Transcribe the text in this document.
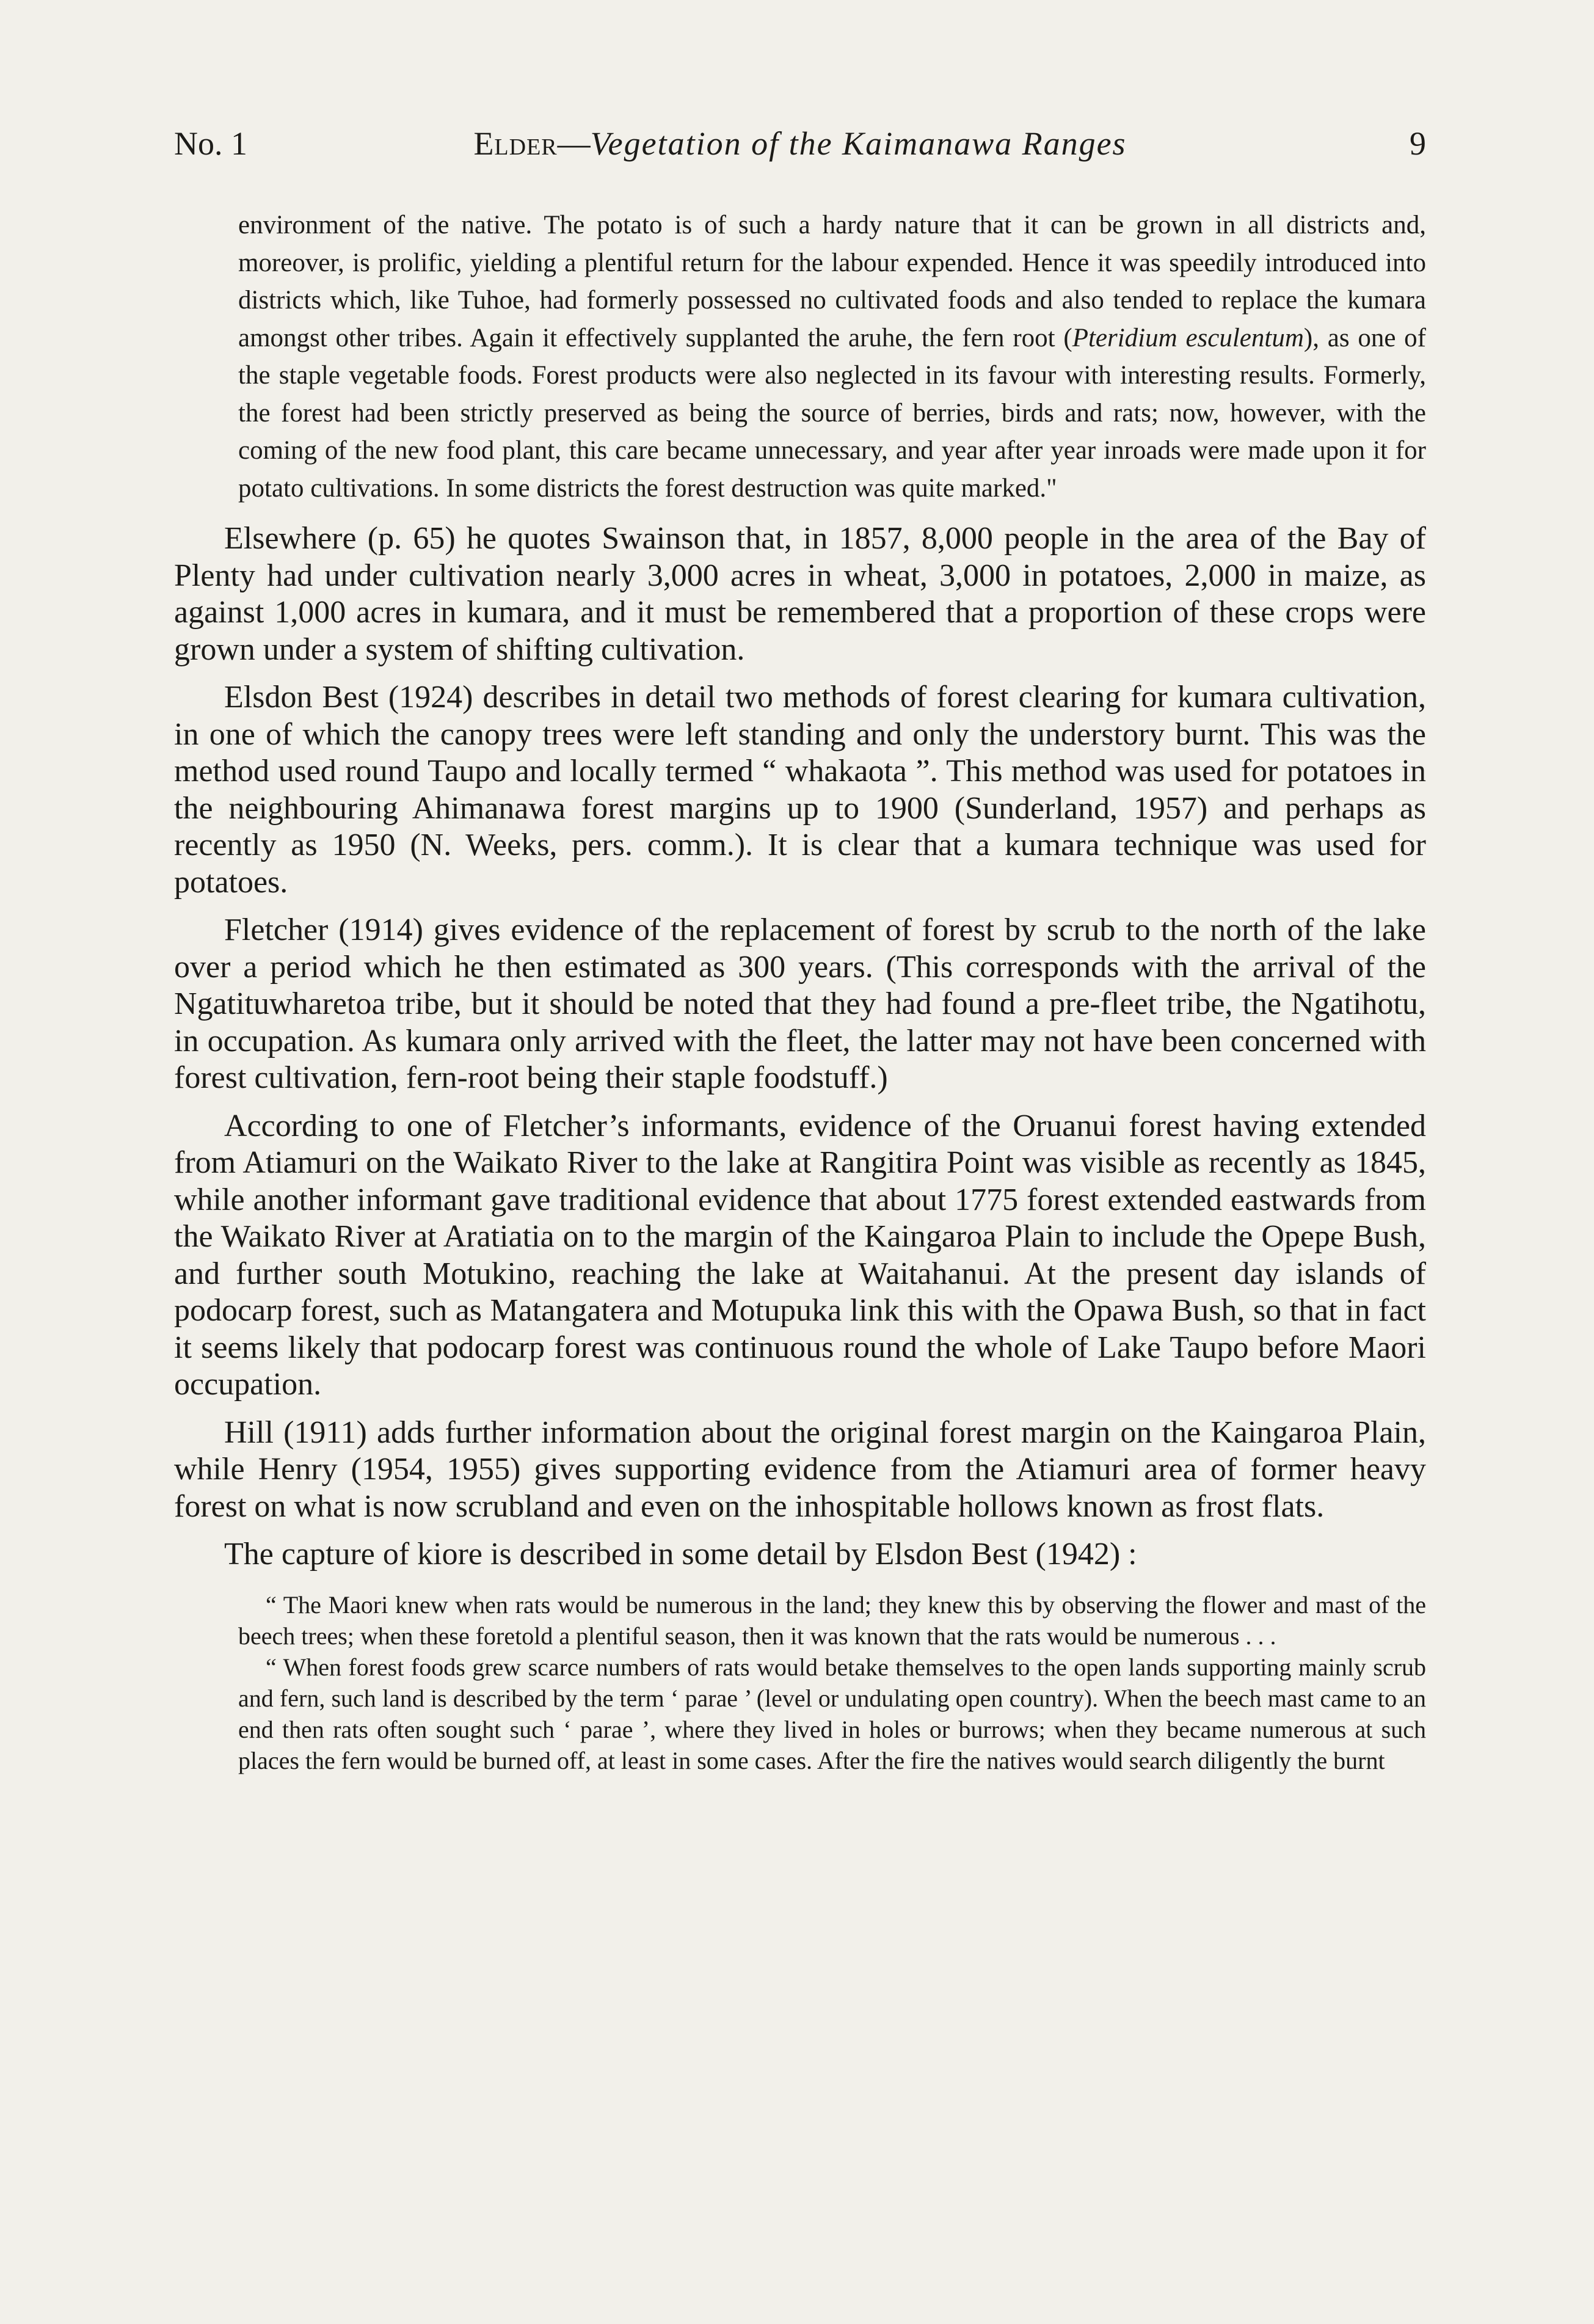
No. 1	Elder—Vegetation of the Kaimanawa Ranges	9

environment of the native. The potato is of such a hardy nature that it can be grown in all districts and, moreover, is prolific, yielding a plentiful return for the labour expended. Hence it was speedily introduced into districts which, like Tuhoe, had formerly possessed no cultivated foods and also tended to replace the kumara amongst other tribes. Again it effectively supplanted the aruhe, the fern root (Pteridium esculentum), as one of the staple vegetable foods. Forest products were also neglected in its favour with interesting results. Formerly, the forest had been strictly preserved as being the source of berries, birds and rats; now, however, with the coming of the new food plant, this care became unnecessary, and year after year inroads were made upon it for potato cultivations. In some districts the forest destruction was quite marked."

Elsewhere (p. 65) he quotes Swainson that, in 1857, 8,000 people in the area of the Bay of Plenty had under cultivation nearly 3,000 acres in wheat, 3,000 in potatoes, 2,000 in maize, as against 1,000 acres in kumara, and it must be remembered that a proportion of these crops were grown under a system of shifting cultivation.

Elsdon Best (1924) describes in detail two methods of forest clearing for kumara cultivation, in one of which the canopy trees were left standing and only the understory burnt. This was the method used round Taupo and locally termed “ whakaota ”. This method was used for potatoes in the neighbouring Ahimanawa forest margins up to 1900 (Sunderland, 1957) and perhaps as recently as 1950 (N. Weeks, pers. comm.). It is clear that a kumara technique was used for potatoes.

Fletcher (1914) gives evidence of the replacement of forest by scrub to the north of the lake over a period which he then estimated as 300 years. (This corresponds with the arrival of the Ngatituwharetoa tribe, but it should be noted that they had found a pre-fleet tribe, the Ngatihotu, in occupation. As kumara only arrived with the fleet, the latter may not have been concerned with forest cultivation, fern-root being their staple foodstuff.)

According to one of Fletcher’s informants, evidence of the Oruanui forest having extended from Atiamuri on the Waikato River to the lake at Rangitira Point was visible as recently as 1845, while another informant gave traditional evidence that about 1775 forest extended eastwards from the Waikato River at Aratiatia on to the margin of the Kaingaroa Plain to include the Opepe Bush, and further south Motukino, reaching the lake at Waitahanui. At the present day islands of podocarp forest, such as Matangatera and Motupuka link this with the Opawa Bush, so that in fact it seems likely that podocarp forest was continuous round the whole of Lake Taupo before Maori occupation.

Hill (1911) adds further information about the original forest margin on the Kaingaroa Plain, while Henry (1954, 1955) gives supporting evidence from the Atiamuri area of former heavy forest on what is now scrubland and even on the inhospitable hollows known as frost flats.

The capture of kiore is described in some detail by Elsdon Best (1942) :

“ The Maori knew when rats would be numerous in the land; they knew this by observing the flower and mast of the beech trees; when these foretold a plentiful season, then it was known that the rats would be numerous . . .

“ When forest foods grew scarce numbers of rats would betake themselves to the open lands supporting mainly scrub and fern, such land is described by the term ‘ parae ’ (level or undulating open country). When the beech mast came to an end then rats often sought such ‘ parae ’, where they lived in holes or burrows; when they became numerous at such places the fern would be burned off, at least in some cases. After the fire the natives would search diligently the burnt
